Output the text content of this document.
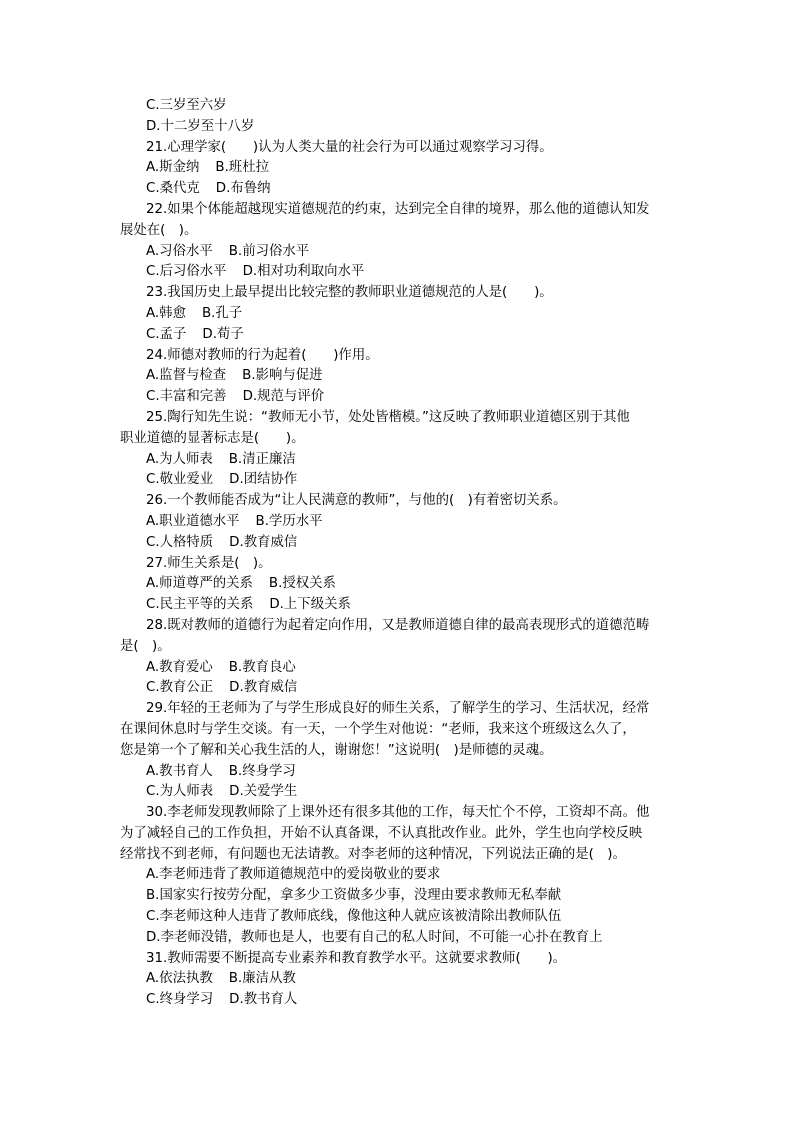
C.三岁至六岁
D.十二岁至十八岁
21.心理学家(　　)认为人类大量的社会行为可以通过观察学习习得。
A.斯金纳 B.班杜拉
C.桑代克 D.布鲁纳
22.如果个体能超越现实道德规范的约束，达到完全自律的境界，那么他的道德认知发
展处在(　)。
A.习俗水平 B.前习俗水平
C.后习俗水平 D.相对功利取向水平
23.我国历史上最早提出比较完整的教师职业道德规范的人是(　　)。
A.韩愈 B.孔子
C.孟子 D.荀子
24.师德对教师的行为起着(　　)作用。
A.监督与检查 B.影响与促进
C.丰富和完善 D.规范与评价
25.陶行知先生说：“教师无小节，处处皆楷模。”这反映了教师职业道德区别于其他
职业道德的显著标志是(　　)。
A.为人师表 B.清正廉洁
C.敬业爱业 D.团结协作
26.一个教师能否成为“让人民满意的教师”，与他的(　)有着密切关系。
A.职业道德水平 B.学历水平
C.人格特质 D.教育威信
27.师生关系是(　)。
A.师道尊严的关系 B.授权关系
C.民主平等的关系 D.上下级关系
28.既对教师的道德行为起着定向作用，又是教师道德自律的最高表现形式的道德范畴
是(　)。
A.教育爱心 B.教育良心
C.教育公正 D.教育威信
29.年轻的王老师为了与学生形成良好的师生关系，了解学生的学习、生活状况，经常
在课间休息时与学生交谈。有一天，一个学生对他说：“老师，我来这个班级这么久了，
您是第一个了解和关心我生活的人，谢谢您！”这说明(　)是师德的灵魂。
A.教书育人 B.终身学习
C.为人师表 D.关爱学生
30.李老师发现教师除了上课外还有很多其他的工作，每天忙个不停，工资却不高。他
为了减轻自己的工作负担，开始不认真备课，不认真批改作业。此外，学生也向学校反映
经常找不到老师，有问题也无法请教。对李老师的这种情况，下列说法正确的是(　)。
A.李老师违背了教师道德规范中的爱岗敬业的要求
B.国家实行按劳分配，拿多少工资做多少事，没理由要求教师无私奉献
C.李老师这种人违背了教师底线，像他这种人就应该被清除出教师队伍
D.李老师没错，教师也是人，也要有自己的私人时间，不可能一心扑在教育上
31.教师需要不断提高专业素养和教育教学水平。这就要求教师(　　)。
A.依法执教 B.廉洁从教
C.终身学习 D.教书育人
